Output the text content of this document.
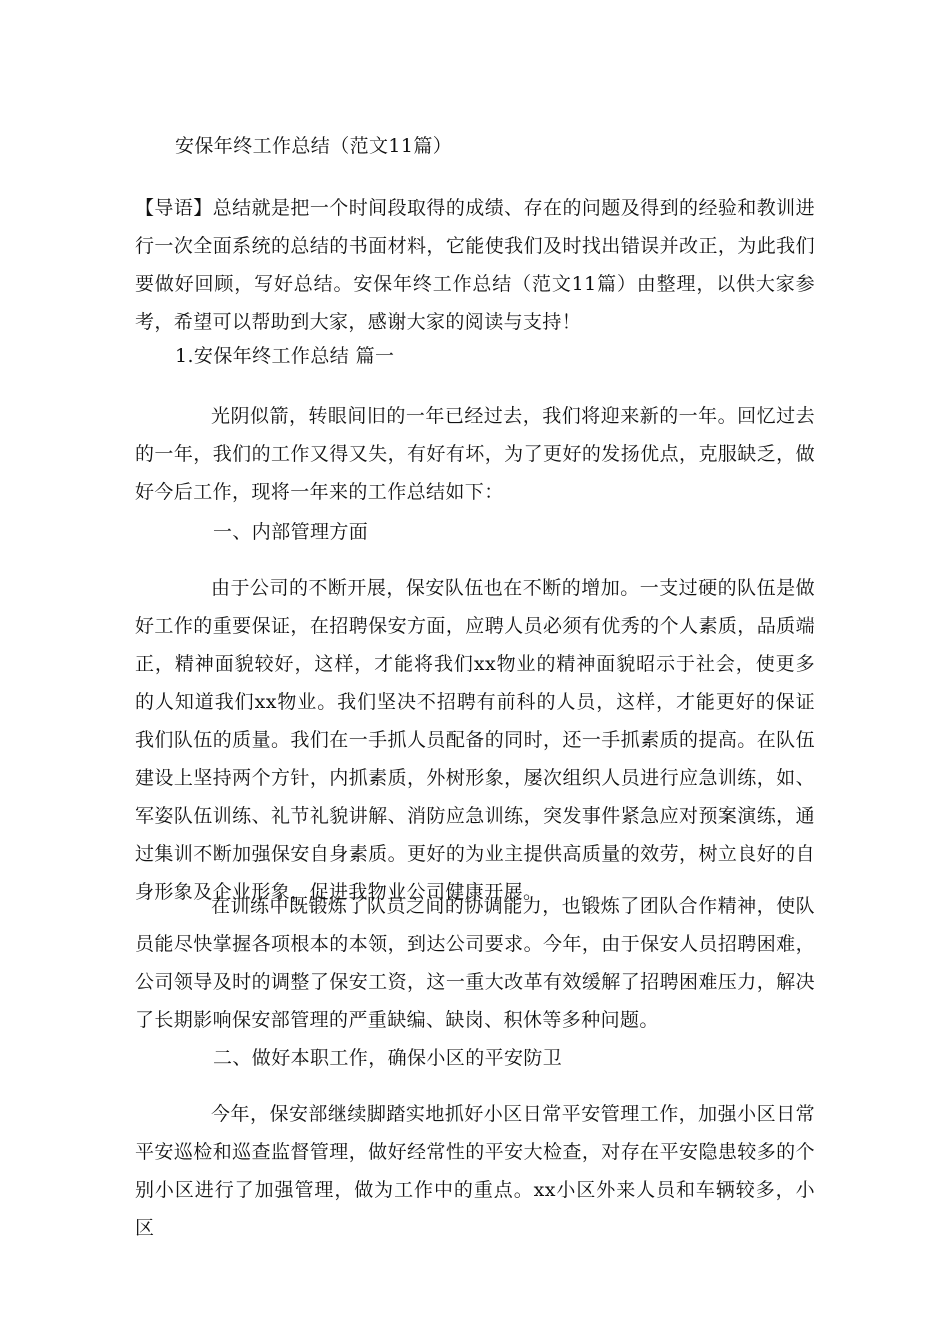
安保年终工作总结（范文11篇）

【导语】总结就是把一个时间段取得的成绩、存在的问题及得到的经验和教训进行一次全面系统的总结的书面材料，它能使我们及时找出错误并改正，为此我们要做好回顾，写好总结。安保年终工作总结（范文11篇）由整理，以供大家参考，希望可以帮助到大家，感谢大家的阅读与支持！

1.安保年终工作总结 篇一

光阴似箭，转眼间旧的一年已经过去，我们将迎来新的一年。回忆过去的一年，我们的工作又得又失，有好有坏，为了更好的发扬优点，克服缺乏，做好今后工作，现将一年来的工作总结如下：

一、内部管理方面

由于公司的不断开展，保安队伍也在不断的增加。一支过硬的队伍是做好工作的重要保证，在招聘保安方面，应聘人员必须有优秀的个人素质，品质端正，精神面貌较好，这样，才能将我们xx物业的精神面貌昭示于社会，使更多的人知道我们xx物业。我们坚决不招聘有前科的人员，这样，才能更好的保证我们队伍的质量。我们在一手抓人员配备的同时，还一手抓素质的提高。在队伍建设上坚持两个方针，内抓素质，外树形象，屡次组织人员进行应急训练，如、军姿队伍训练、礼节礼貌讲解、消防应急训练，突发事件紧急应对预案演练，通过集训不断加强保安自身素质。更好的为业主提供高质量的效劳，树立良好的自身形象及企业形象，促进我物业公司健康开展。

在训练中既锻炼了队员之间的协调能力，也锻炼了团队合作精神，使队员能尽快掌握各项根本的本领，到达公司要求。今年，由于保安人员招聘困难，公司领导及时的调整了保安工资，这一重大改革有效缓解了招聘困难压力，解决了长期影响保安部管理的严重缺编、缺岗、积休等多种问题。

二、做好本职工作，确保小区的平安防卫

今年，保安部继续脚踏实地抓好小区日常平安管理工作，加强小区日常平安巡检和巡查监督管理，做好经常性的平安大检查，对存在平安隐患较多的个别小区进行了加强管理，做为工作中的重点。xx小区外来人员和车辆较多，小区
